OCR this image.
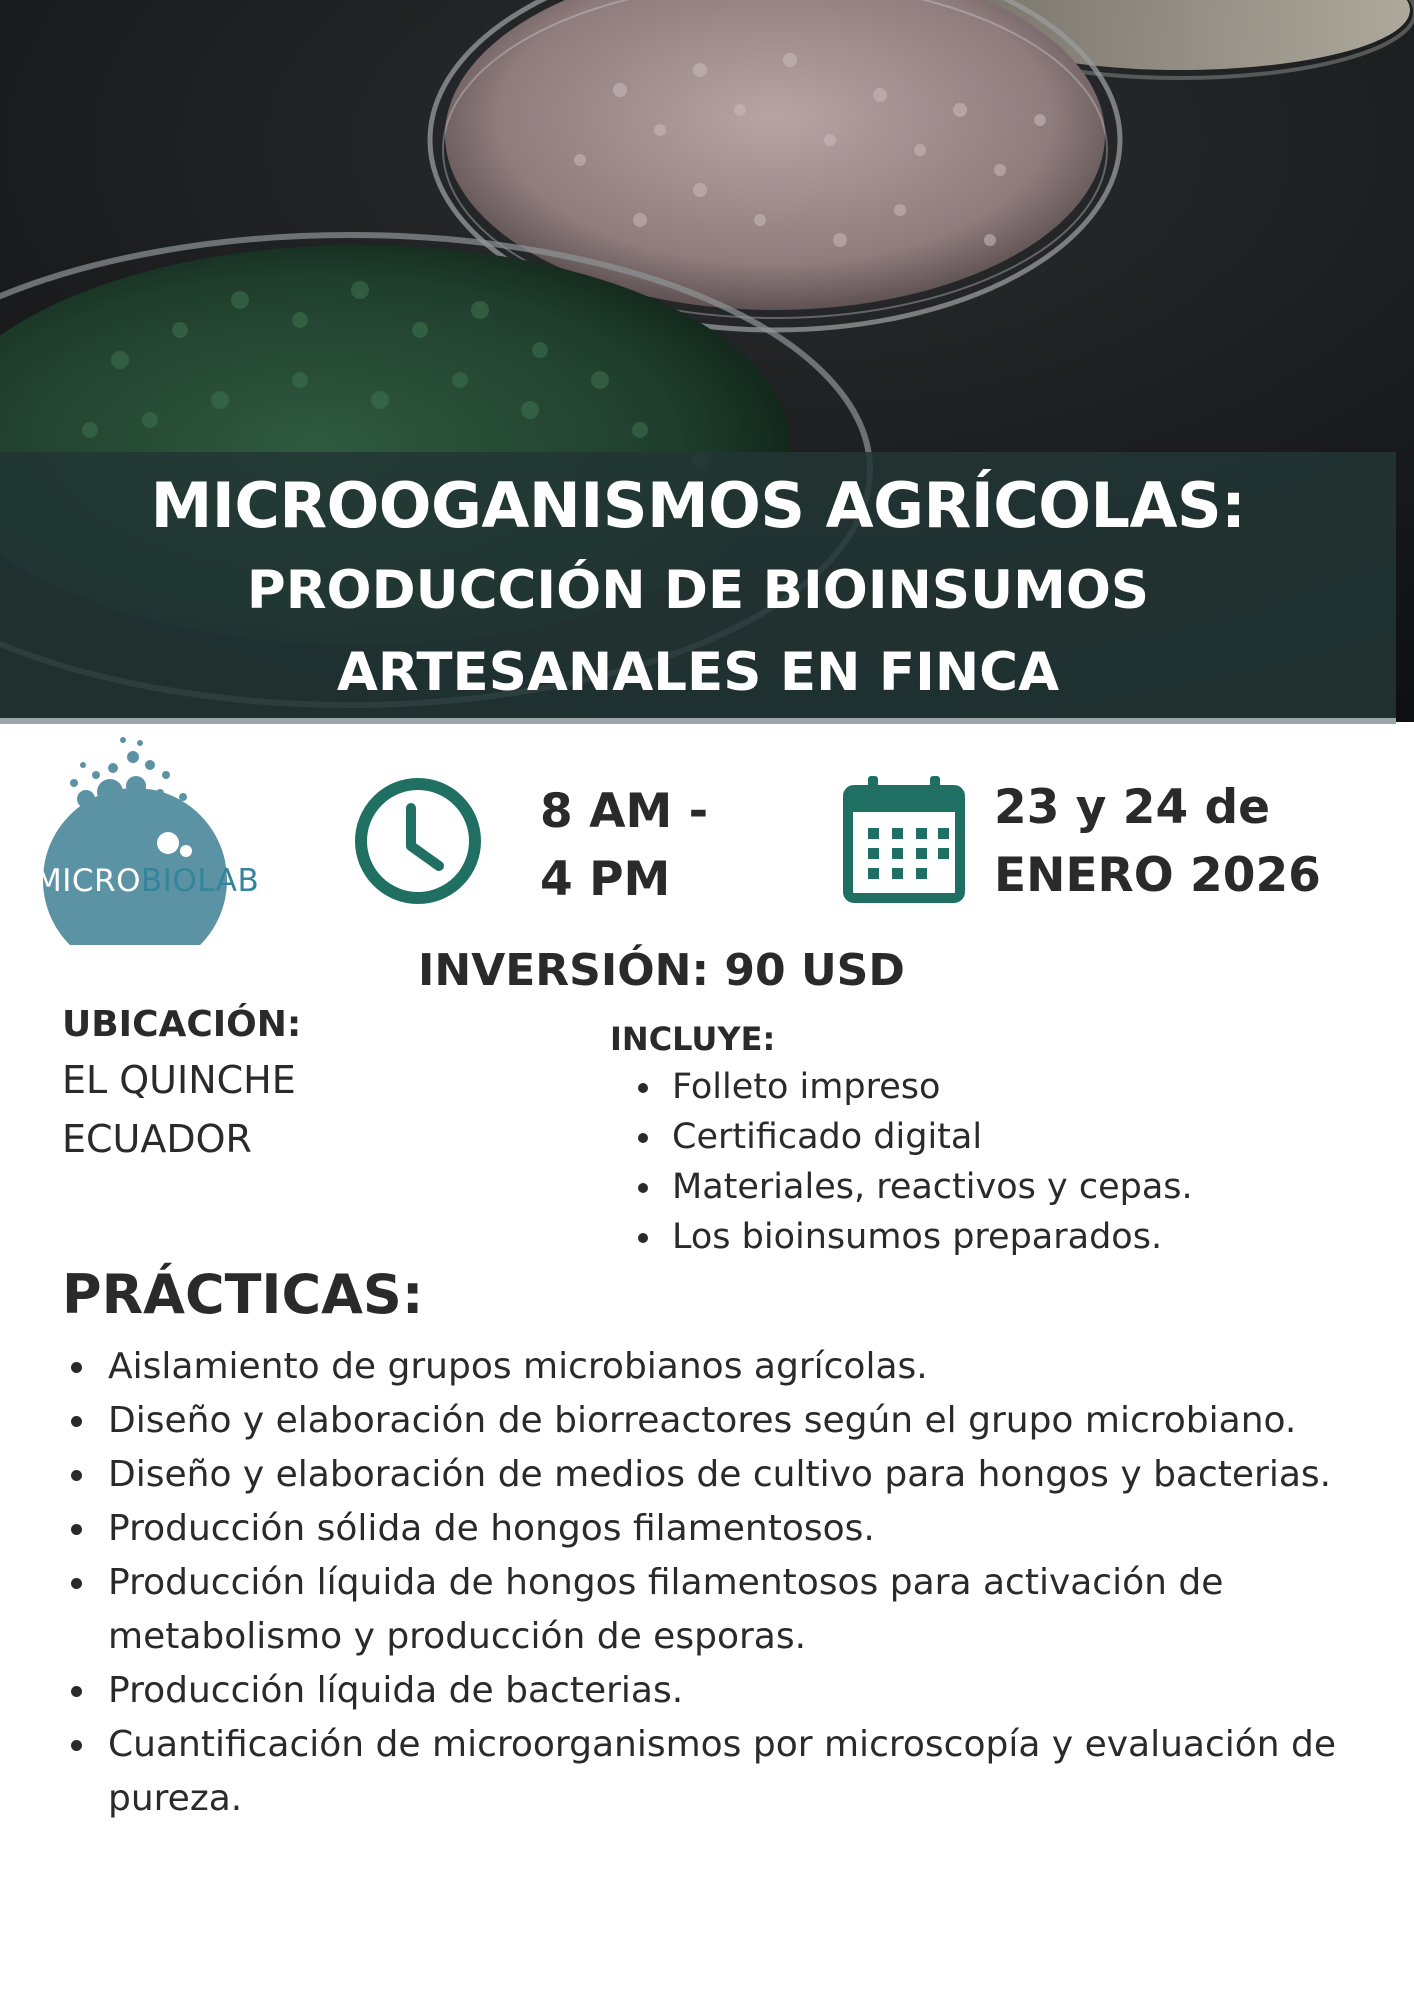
MICROOGANISMOS AGRÍCOLAS:
PRODUCCIÓN DE BIOINSUMOS
ARTESANALES EN FINCA
MICROBIOLAB
8 AM -
4 PM
23 y 24 de
ENERO 2026
INVERSIÓN: 90 USD
UBICACIÓN:
EL QUINCHE
ECUADOR
INCLUYE:
Folleto impreso
Certificado digital
Materiales, reactivos y cepas.
Los bioinsumos preparados.
PRÁCTICAS:
Aislamiento de grupos microbianos agrícolas.
Diseño y elaboración de biorreactores según el grupo microbiano.
Diseño y elaboración de medios de cultivo para hongos y bacterias.
Producción sólida de hongos filamentosos.
Producción líquida de hongos filamentosos para activación de metabolismo y producción de esporas.
Producción líquida de bacterias.
Cuantificación de microorganismos por microscopía y evaluación de pureza.
